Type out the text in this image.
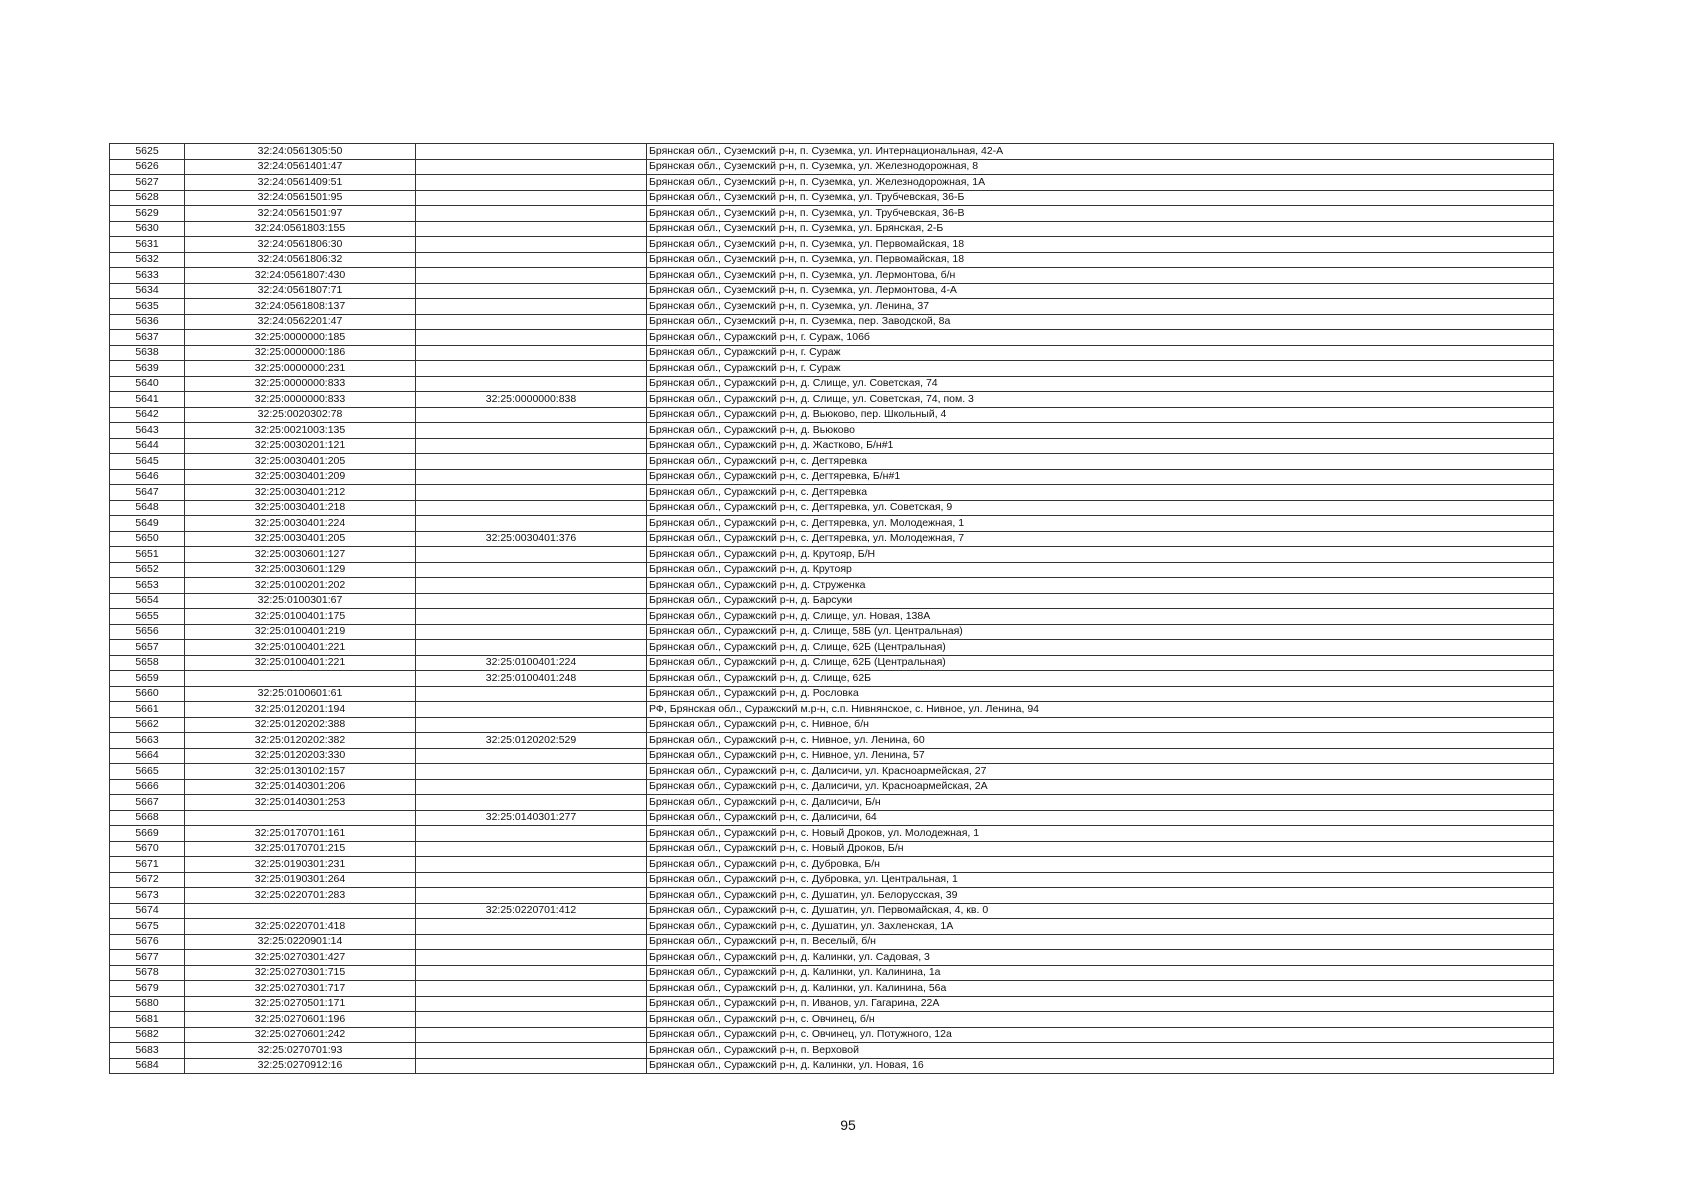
5625	32:24:0561305:50		Брянская обл., Суземский р-н, п. Суземка, ул. Интернациональная, 42-А
5626	32:24:0561401:47		Брянская обл., Суземский р-н, п. Суземка, ул. Железнодорожная, 8
5627	32:24:0561409:51		Брянская обл., Суземский р-н, п. Суземка, ул. Железнодорожная, 1А
5628	32:24:0561501:95		Брянская обл., Суземский р-н, п. Суземка, ул. Трубчевская, 36-Б
5629	32:24:0561501:97		Брянская обл., Суземский р-н, п. Суземка, ул. Трубчевская, 36-В
5630	32:24:0561803:155		Брянская обл., Суземский р-н, п. Суземка, ул. Брянская, 2-Б
5631	32:24:0561806:30		Брянская обл., Суземский р-н, п. Суземка, ул. Первомайская, 18
5632	32:24:0561806:32		Брянская обл., Суземский р-н, п. Суземка, ул. Первомайская, 18
5633	32:24:0561807:430		Брянская обл., Суземский р-н, п. Суземка, ул. Лермонтова, б/н
5634	32:24:0561807:71		Брянская обл., Суземский р-н, п. Суземка, ул. Лермонтова, 4-А
5635	32:24:0561808:137		Брянская обл., Суземский р-н, п. Суземка, ул. Ленина, 37
5636	32:24:0562201:47		Брянская обл., Суземский р-н, п. Суземка, пер. Заводской, 8а
5637	32:25:0000000:185		Брянская обл., Суражский р-н, г. Сураж, 106б
5638	32:25:0000000:186		Брянская обл., Суражский р-н, г. Сураж
5639	32:25:0000000:231		Брянская обл., Суражский р-н, г. Сураж
5640	32:25:0000000:833		Брянская обл., Суражский р-н, д. Слище, ул. Советская, 74
5641	32:25:0000000:833	32:25:0000000:838	Брянская обл., Суражский р-н, д. Слище, ул. Советская, 74, пом. 3
5642	32:25:0020302:78		Брянская обл., Суражский р-н, д. Вьюково, пер. Школьный, 4
5643	32:25:0021003:135		Брянская обл., Суражский р-н, д. Вьюково
5644	32:25:0030201:121		Брянская обл., Суражский р-н, д. Жастково, Б/н#1
5645	32:25:0030401:205		Брянская обл., Суражский р-н, с. Дегтяревка
5646	32:25:0030401:209		Брянская обл., Суражский р-н, с. Дегтяревка, Б/н#1
5647	32:25:0030401:212		Брянская обл., Суражский р-н, с. Дегтяревка
5648	32:25:0030401:218		Брянская обл., Суражский р-н, с. Дегтяревка, ул. Советская, 9
5649	32:25:0030401:224		Брянская обл., Суражский р-н, с. Дегтяревка, ул. Молодежная, 1
5650	32:25:0030401:205	32:25:0030401:376	Брянская обл., Суражский р-н, с. Дегтяревка, ул. Молодежная, 7
5651	32:25:0030601:127		Брянская обл., Суражский р-н, д. Крутояр, Б/Н
5652	32:25:0030601:129		Брянская обл., Суражский р-н, д. Крутояр
5653	32:25:0100201:202		Брянская обл., Суражский р-н, д. Струженка
5654	32:25:0100301:67		Брянская обл., Суражский р-н, д. Барсуки
5655	32:25:0100401:175		Брянская обл., Суражский р-н, д. Слище, ул. Новая, 138А
5656	32:25:0100401:219		Брянская обл., Суражский р-н, д. Слище, 58Б (ул. Центральная)
5657	32:25:0100401:221		Брянская обл., Суражский р-н, д. Слище, 62Б (Центральная)
5658	32:25:0100401:221	32:25:0100401:224	Брянская обл., Суражский р-н, д. Слище, 62Б (Центральная)
5659		32:25:0100401:248	Брянская обл., Суражский р-н, д. Слище, 62Б
5660	32:25:0100601:61		Брянская обл., Суражский р-н, д. Рословка
5661	32:25:0120201:194		РФ, Брянская обл., Суражский м.р-н, с.п. Нивнянское, с. Нивное, ул. Ленина, 94
5662	32:25:0120202:388		Брянская обл., Суражский р-н, с. Нивное, б/н
5663	32:25:0120202:382	32:25:0120202:529	Брянская обл., Суражский р-н, с. Нивное, ул. Ленина, 60
5664	32:25:0120203:330		Брянская обл., Суражский р-н, с. Нивное, ул. Ленина, 57
5665	32:25:0130102:157		Брянская обл., Суражский р-н, с. Далисичи, ул. Красноармейская, 27
5666	32:25:0140301:206		Брянская обл., Суражский р-н, с. Далисичи, ул. Красноармейская, 2А
5667	32:25:0140301:253		Брянская обл., Суражский р-н, с. Далисичи, Б/н
5668		32:25:0140301:277	Брянская обл., Суражский р-н, с. Далисичи, 64
5669	32:25:0170701:161		Брянская обл., Суражский р-н, с. Новый Дроков, ул. Молодежная, 1
5670	32:25:0170701:215		Брянская обл., Суражский р-н, с. Новый Дроков, Б/н
5671	32:25:0190301:231		Брянская обл., Суражский р-н, с. Дубровка, Б/н
5672	32:25:0190301:264		Брянская обл., Суражский р-н, с. Дубровка, ул. Центральная, 1
5673	32:25:0220701:283		Брянская обл., Суражский р-н, с. Душатин, ул. Белорусская, 39
5674		32:25:0220701:412	Брянская обл., Суражский р-н, с. Душатин, ул. Первомайская, 4, кв. 0
5675	32:25:0220701:418		Брянская обл., Суражский р-н, с. Душатин, ул. Захленская, 1А
5676	32:25:0220901:14		Брянская обл., Суражский р-н, п. Веселый, б/н
5677	32:25:0270301:427		Брянская обл., Суражский р-н, д. Калинки, ул. Садовая, 3
5678	32:25:0270301:715		Брянская обл., Суражский р-н, д. Калинки, ул. Калинина, 1а
5679	32:25:0270301:717		Брянская обл., Суражский р-н, д. Калинки, ул. Калинина, 56а
5680	32:25:0270501:171		Брянская обл., Суражский р-н, п. Иванов, ул. Гагарина, 22А
5681	32:25:0270601:196		Брянская обл., Суражский р-н, с. Овчинец, б/н
5682	32:25:0270601:242		Брянская обл., Суражский р-н, с. Овчинец, ул. Потужного, 12а
5683	32:25:0270701:93		Брянская обл., Суражский р-н, п. Верховой
5684	32:25:0270912:16		Брянская обл., Суражский р-н, д. Калинки, ул. Новая, 16
95
